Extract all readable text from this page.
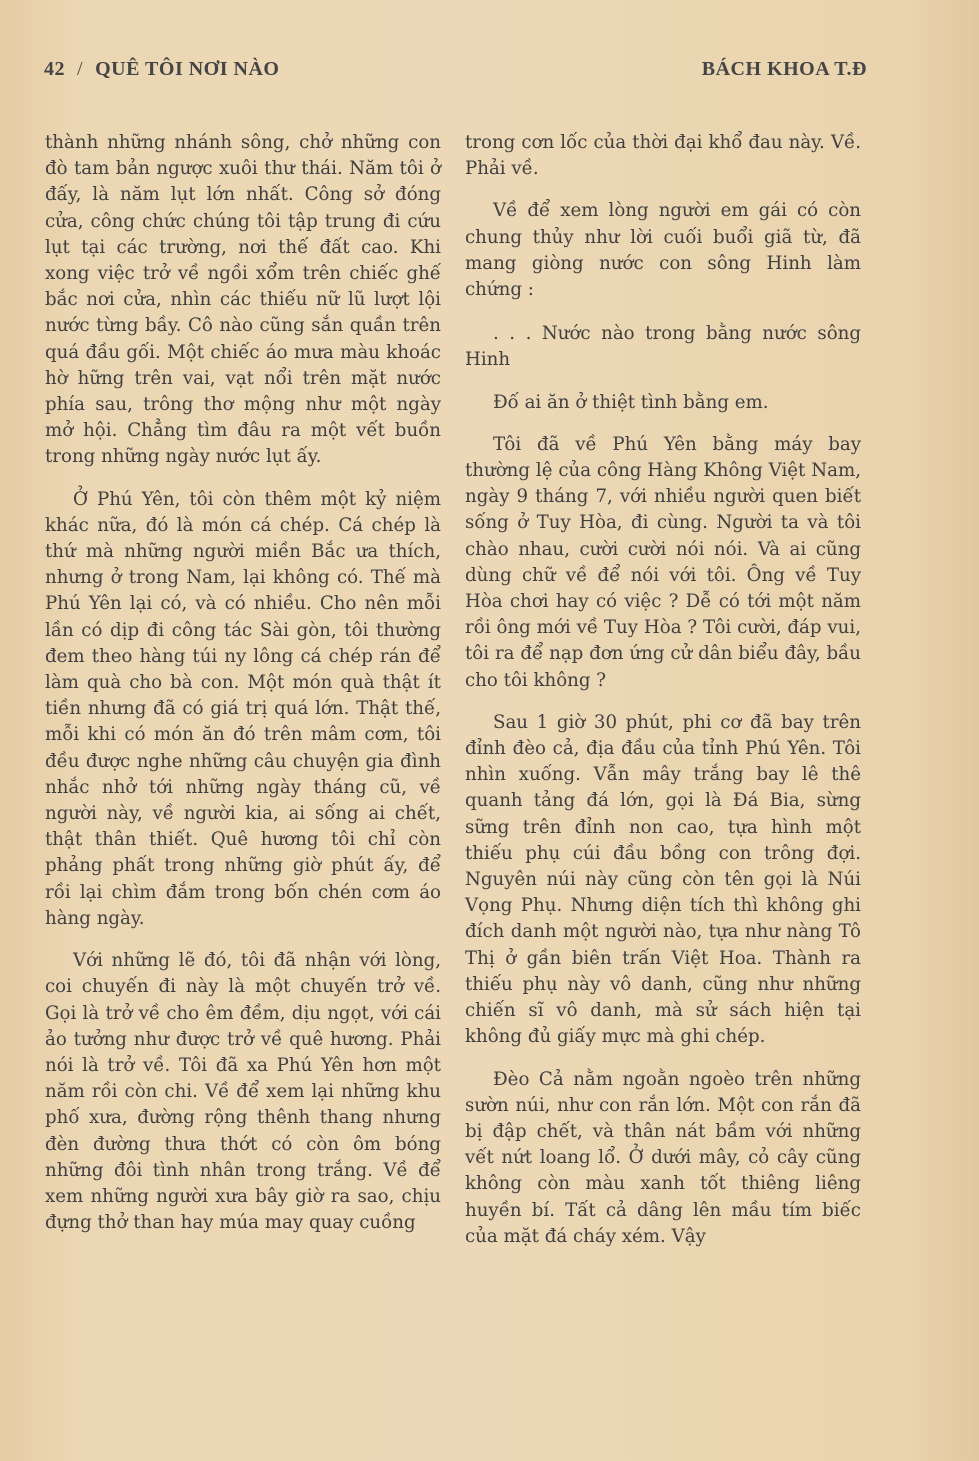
42 / QUÊ TÔI NƠI NÀO	BÁCH KHOA T.Đ

thành những nhánh sông, chở những con đò tam bản ngược xuôi thư thái. Năm tôi ở đấy, là năm lụt lớn nhất. Công sở đóng cửa, công chức chúng tôi tập trung đi cứu lụt tại các trường, nơi thế đất cao. Khi xong việc trở về ngồi xổm trên chiếc ghế bắc nơi cửa, nhìn các thiếu nữ lũ lượt lội nước từng bầy. Cô nào cũng sắn quần trên quá đầu gối. Một chiếc áo mưa màu khoác hờ hững trên vai, vạt nổi trên mặt nước phía sau, trông thơ mộng như một ngày mở hội. Chẳng tìm đâu ra một vết buồn trong những ngày nước lụt ấy.

Ở Phú Yên, tôi còn thêm một kỷ niệm khác nữa, đó là món cá chép. Cá chép là thứ mà những người miền Bắc ưa thích, nhưng ở trong Nam, lại không có. Thế mà Phú Yên lại có, và có nhiều. Cho nên mỗi lần có dịp đi công tác Sài gòn, tôi thường đem theo hàng túi ny lông cá chép rán để làm quà cho bà con. Một món quà thật ít tiền nhưng đã có giá trị quá lớn. Thật thế, mỗi khi có món ăn đó trên mâm cơm, tôi đều được nghe những câu chuyện gia đình nhắc nhở tới những ngày tháng cũ, về người này, về người kia, ai sống ai chết, thật thân thiết. Quê hương tôi chỉ còn phảng phất trong những giờ phút ấy, để rồi lại chìm đắm trong bốn chén cơm áo hàng ngày.

Với những lẽ đó, tôi đã nhận với lòng, coi chuyến đi này là một chuyến trở về. Gọi là trở về cho êm đềm, dịu ngọt, với cái ảo tưởng như được trở về quê hương. Phải nói là trở về. Tôi đã xa Phú Yên hơn một năm rồi còn chi. Về để xem lại những khu phố xưa, đường rộng thênh thang nhưng đèn đường thưa thớt có còn ôm bóng những đôi tình nhân trong trắng. Về để xem những người xưa bây giờ ra sao, chịu đựng thở than hay múa may quay cuồng

trong cơn lốc của thời đại khổ đau này. Về. Phải về.

Về để xem lòng người em gái có còn chung thủy như lời cuối buổi giã từ, đã mang giòng nước con sông Hinh làm chứng :

. . . Nước nào trong bằng nước sông Hinh

Đố ai ăn ở thiệt tình bằng em.

Tôi đã về Phú Yên bằng máy bay thường lệ của công Hàng Không Việt Nam, ngày 9 tháng 7, với nhiều người quen biết sống ở Tuy Hòa, đi cùng. Người ta và tôi chào nhau, cười cười nói nói. Và ai cũng dùng chữ về để nói với tôi. Ông về Tuy Hòa chơi hay có việc ? Dễ có tới một năm rồi ông mới về Tuy Hòa ? Tôi cười, đáp vui, tôi ra để nạp đơn ứng cử dân biểu đây, bầu cho tôi không ?

Sau 1 giờ 30 phút, phi cơ đã bay trên đỉnh đèo cả, địa đầu của tỉnh Phú Yên. Tôi nhìn xuống. Vẫn mây trắng bay lê thê quanh tảng đá lớn, gọi là Đá Bia, sừng sững trên đỉnh non cao, tựa hình một thiếu phụ cúi đầu bồng con trông đợi. Nguyên núi này cũng còn tên gọi là Núi Vọng Phụ. Nhưng diện tích thì không ghi đích danh một người nào, tựa như nàng Tô Thị ở gần biên trấn Việt Hoa. Thành ra thiếu phụ này vô danh, cũng như những chiến sĩ vô danh, mà sử sách hiện tại không đủ giấy mực mà ghi chép.

Đèo Cả nằm ngoằn ngoèo trên những sườn núi, như con rắn lớn. Một con rắn đã bị đập chết, và thân nát bầm với những vết nứt loang lổ. Ở dưới mây, cỏ cây cũng không còn màu xanh tốt thiêng liêng huyền bí. Tất cả dâng lên mầu tím biếc của mặt đá cháy xém. Vậy
